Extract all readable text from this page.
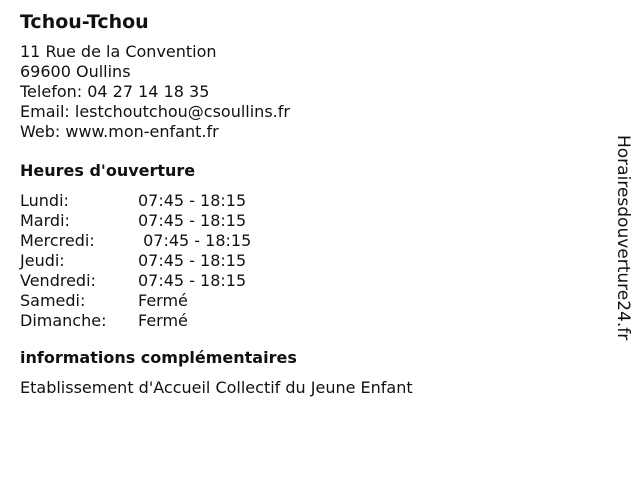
Tchou-Tchou
11 Rue de la Convention
69600 Oullins
Telefon: 04 27 14 18 35
Email: lestchoutchou@csoullins.fr
Web: www.mon-enfant.fr
Heures d'ouverture
Lundi:	07:45 - 18:15
Mardi:	07:45 - 18:15
Mercredi:	07:45 - 18:15
Jeudi:	07:45 - 18:15
Vendredi:	07:45 - 18:15
Samedi:	Fermé
Dimanche:	Fermé
informations complémentaires
Etablissement d'Accueil Collectif du Jeune Enfant
Horairesdouverture24.fr
